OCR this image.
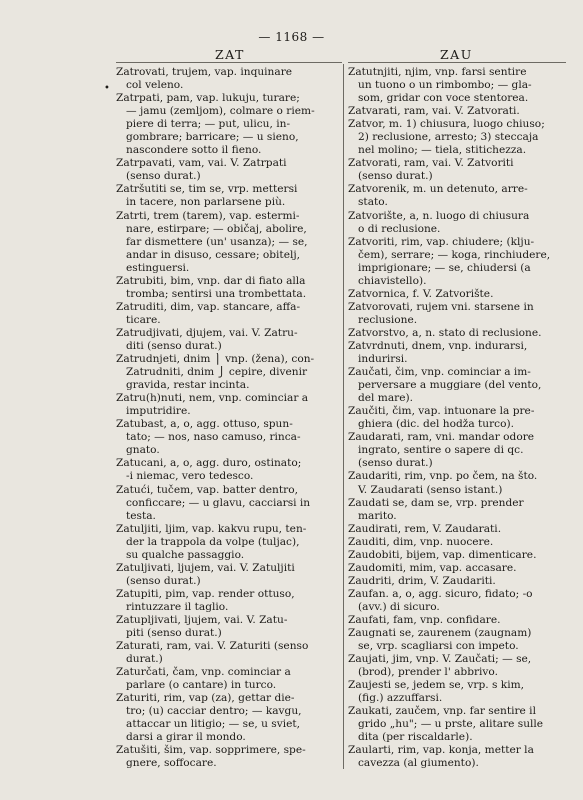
— 1168 —
ZAT	ZAU
•
Zatrovati, trujem, vap. inquinare
col veleno.
Zatrpati, pam, vap. lukuju, turare;
— jamu (zemljom), colmare o riem-
piere di terra; — put, ulicu, in-
gombrare; barricare; — u sieno,
nascondere sotto il fieno.
Zatrpavati, vam, vai. V. Zatrpati
(senso durat.)
Zatršutiti se, tim se, vrp. mettersi
in tacere, non parlarsene più.
Zatrti, trem (tarem), vap. estermi-
nare, estirpare; — običaj, abolire,
far dismettere (un' usanza); — se,
andar in disuso, cessare; obitelj,
estinguersi.
Zatrubiti, bim, vnp. dar di fiato alla
tromba; sentirsi una trombettata.
Zatruditi, dim, vap. stancare, affa-
ticare.
Zatrudjivati, djujem, vai. V. Zatru-
diti (senso durat.)
Zatrudnjeti, dnim ⎫ vnp. (žena), con-
Zatrudniti, dnim ⎭ cepire, divenir
gravida, restar incinta.
Zatru(h)nuti, nem, vnp. cominciar a
imputridire.
Zatubast, a, o, agg. ottuso, spun-
tato; — nos, naso camuso, rinca-
gnato.
Zatucani, a, o, agg. duro, ostinato;
-i niemac, vero tedesco.
Zatući, tučem, vap. batter dentro,
conficcare; — u glavu, cacciarsi in
testa.
Zatuljiti, ljim, vap. kakvu rupu, ten-
der la trappola da volpe (tuljac),
su qualche passaggio.
Zatuljivati, ljujem, vai. V. Zatuljiti
(senso durat.)
Zatupiti, pim, vap. render ottuso,
rintuzzare il taglio.
Zatupljivati, ljujem, vai. V. Zatu-
piti (senso durat.)
Zaturati, ram, vai. V. Zaturiti (senso
durat.)
Zaturčati, čam, vnp. cominciar a
parlare (o cantare) in turco.
Zaturiti, rim, vap (za), gettar die-
tro; (u) cacciar dentro; — kavgu,
attaccar un litigio; — se, u sviet,
darsi a girar il mondo.
Zatušiti, šim, vap. sopprimere, spe-
gnere, soffocare.
Zatutnjiti, njim, vnp. farsi sentire
un tuono o un rimbombo; — gla-
som, gridar con voce stentorea.
Zatvarati, ram, vai. V. Zatvorati.
Zatvor, m. 1) chiusura, luogo chiuso;
2) reclusione, arresto; 3) steccaja
nel molino; — tiela, stitichezza.
Zatvorati, ram, vai. V. Zatvoriti
(senso durat.)
Zatvorenik, m. un detenuto, arre-
stato.
Zatvorište, a, n. luogo di chiusura
o di reclusione.
Zatvoriti, rim, vap. chiudere; (klju-
čem), serrare; — koga, rinchiudere,
imprigionare; — se, chiudersi (a
chiavistello).
Zatvornica, f. V. Zatvorište.
Zatvorovati, rujem vni. starsene in
reclusione.
Zatvorstvo, a, n. stato di reclusione.
Zatvrdnuti, dnem, vnp. indurarsi,
indurirsi.
Zaučati, čim, vnp. cominciar a im-
perversare a muggiare (del vento,
del mare).
Zaučiti, čim, vap. intuonare la pre-
ghiera (dic. del hodža turco).
Zaudarati, ram, vni. mandar odore
ingrato, sentire o sapere di qc.
(senso durat.)
Zaudariti, rim, vnp. po čem, na što.
V. Zaudarati (senso istant.)
Zaudati se, dam se, vrp. prender
marito.
Zaudirati, rem, V. Zaudarati.
Zauditi, dim, vnp. nuocere.
Zaudobiti, bijem, vap. dimenticare.
Zaudomiti, mim, vap. accasare.
Zaudriti, drim, V. Zaudariti.
Zaufan. a, o, agg. sicuro, fidato; -o
(avv.) di sicuro.
Zaufati, fam, vnp. confidare.
Zaugnati se, zaurenem (zaugnam)
se, vrp. scagliarsi con impeto.
Zaujati, jim, vnp. V. Zaučati; — se,
(brod), prender l' abbrivo.
Zaujesti se, jedem se, vrp. s kim,
(fig.) azzuffarsi.
Zaukati, zaučem, vnp. far sentire il
grido „hu"; — u prste, alitare sulle
dita (per riscaldarle).
Zaularti, rim, vap. konja, metter la
cavezza (al giumento).
